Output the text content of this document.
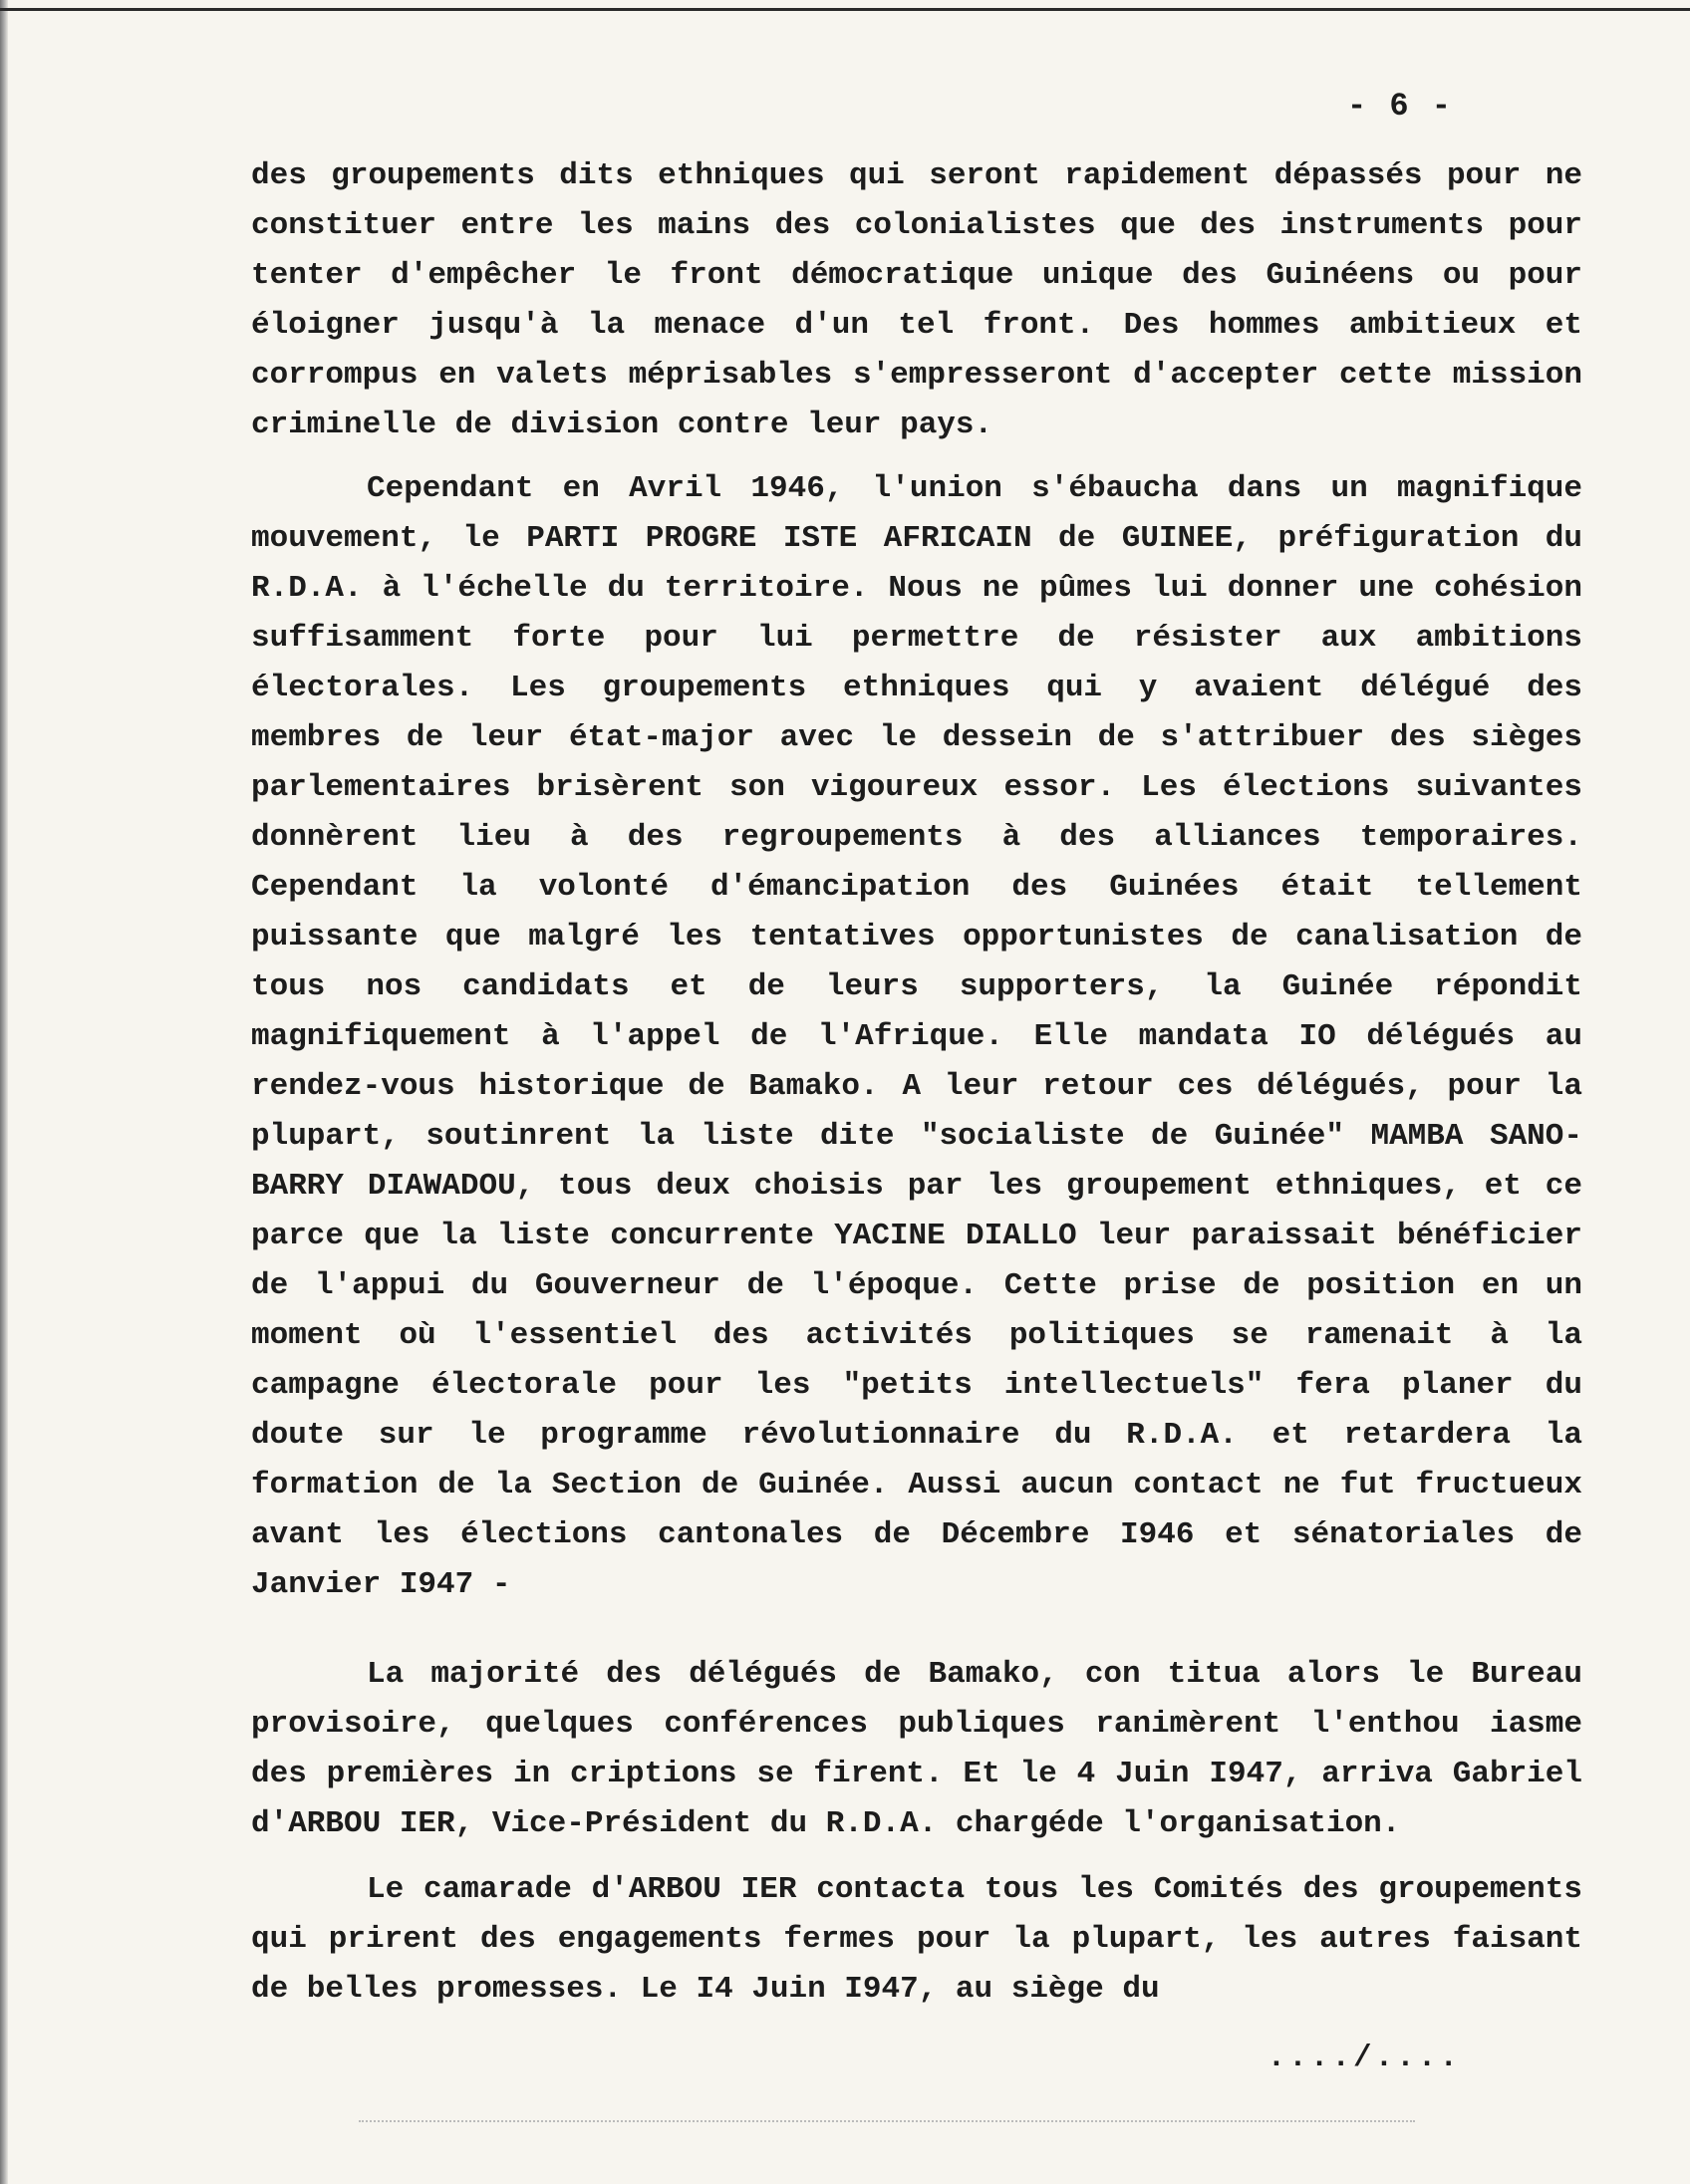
- 6 -

des groupements dits ethniques qui seront rapidement dépassés pour ne constituer entre les mains des colonialistes que des instruments pour tenter d'empêcher le front démocratique unique des Guinéens ou pour éloigner jusqu'à la menace d'un tel front. Des hommes ambitieux et corrompus en valets méprisables s'empresseront d'accepter cette mission criminelle de division contre leur pays.

Cependant en Avril 1946, l'union s'ébaucha dans un magnifique mouvement, le PARTI PROGRE ISTE AFRICAIN de GUINEE, préfiguration du R.D.A. à l'échelle du territoire. Nous ne pûmes lui donner une cohésion suffisamment forte pour lui permettre de résister aux ambitions électorales. Les groupements ethniques qui y avaient délégué des membres de leur état-major avec le dessein de s'attribuer des sièges parlementaires brisèrent son vigoureux essor. Les élections suivantes donnèrent lieu à des regroupements à des alliances temporaires. Cependant la volonté d'émancipation des Guinées était tellement puissante que malgré les tentatives opportunistes de canalisation de tous nos candidats et de leurs supporters, la Guinée répondit magnifiquement à l'appel de l'Afrique. Elle mandata IO délégués au rendez-vous historique de Bamako. A leur retour ces délégués, pour la plupart, soutinrent la liste dite "socialiste de Guinée" MAMBA SANO-BARRY DIAWADOU, tous deux choisis par les groupement ethniques, et ce parce que la liste concurrente YACINE DIALLO leur paraissait bénéficier de l'appui du Gouverneur de l'époque. Cette prise de position en un moment où l'essentiel des activités politiques se ramenait à la campagne électorale pour les "petits intellectuels" fera planer du doute sur le programme révolutionnaire du R.D.A. et retardera la formation de la Section de Guinée. Aussi aucun contact ne fut fructueux avant les élections cantonales de Décembre I946 et sénatoriales de Janvier I947 -

La majorité des délégués de Bamako, con titua alors le Bureau provisoire, quelques conférences publiques ranimèrent l'enthou iasme des premières in criptions se firent. Et le 4 Juin I947, arriva Gabriel d'ARBOU IER, Vice-Président du R.D.A. chargéde l'organisation.

Le camarade d'ARBOU IER contacta tous les Comités des groupements qui prirent des engagements fermes pour la plupart, les autres faisant de belles promesses. Le I4 Juin I947, au siège du

..../....
